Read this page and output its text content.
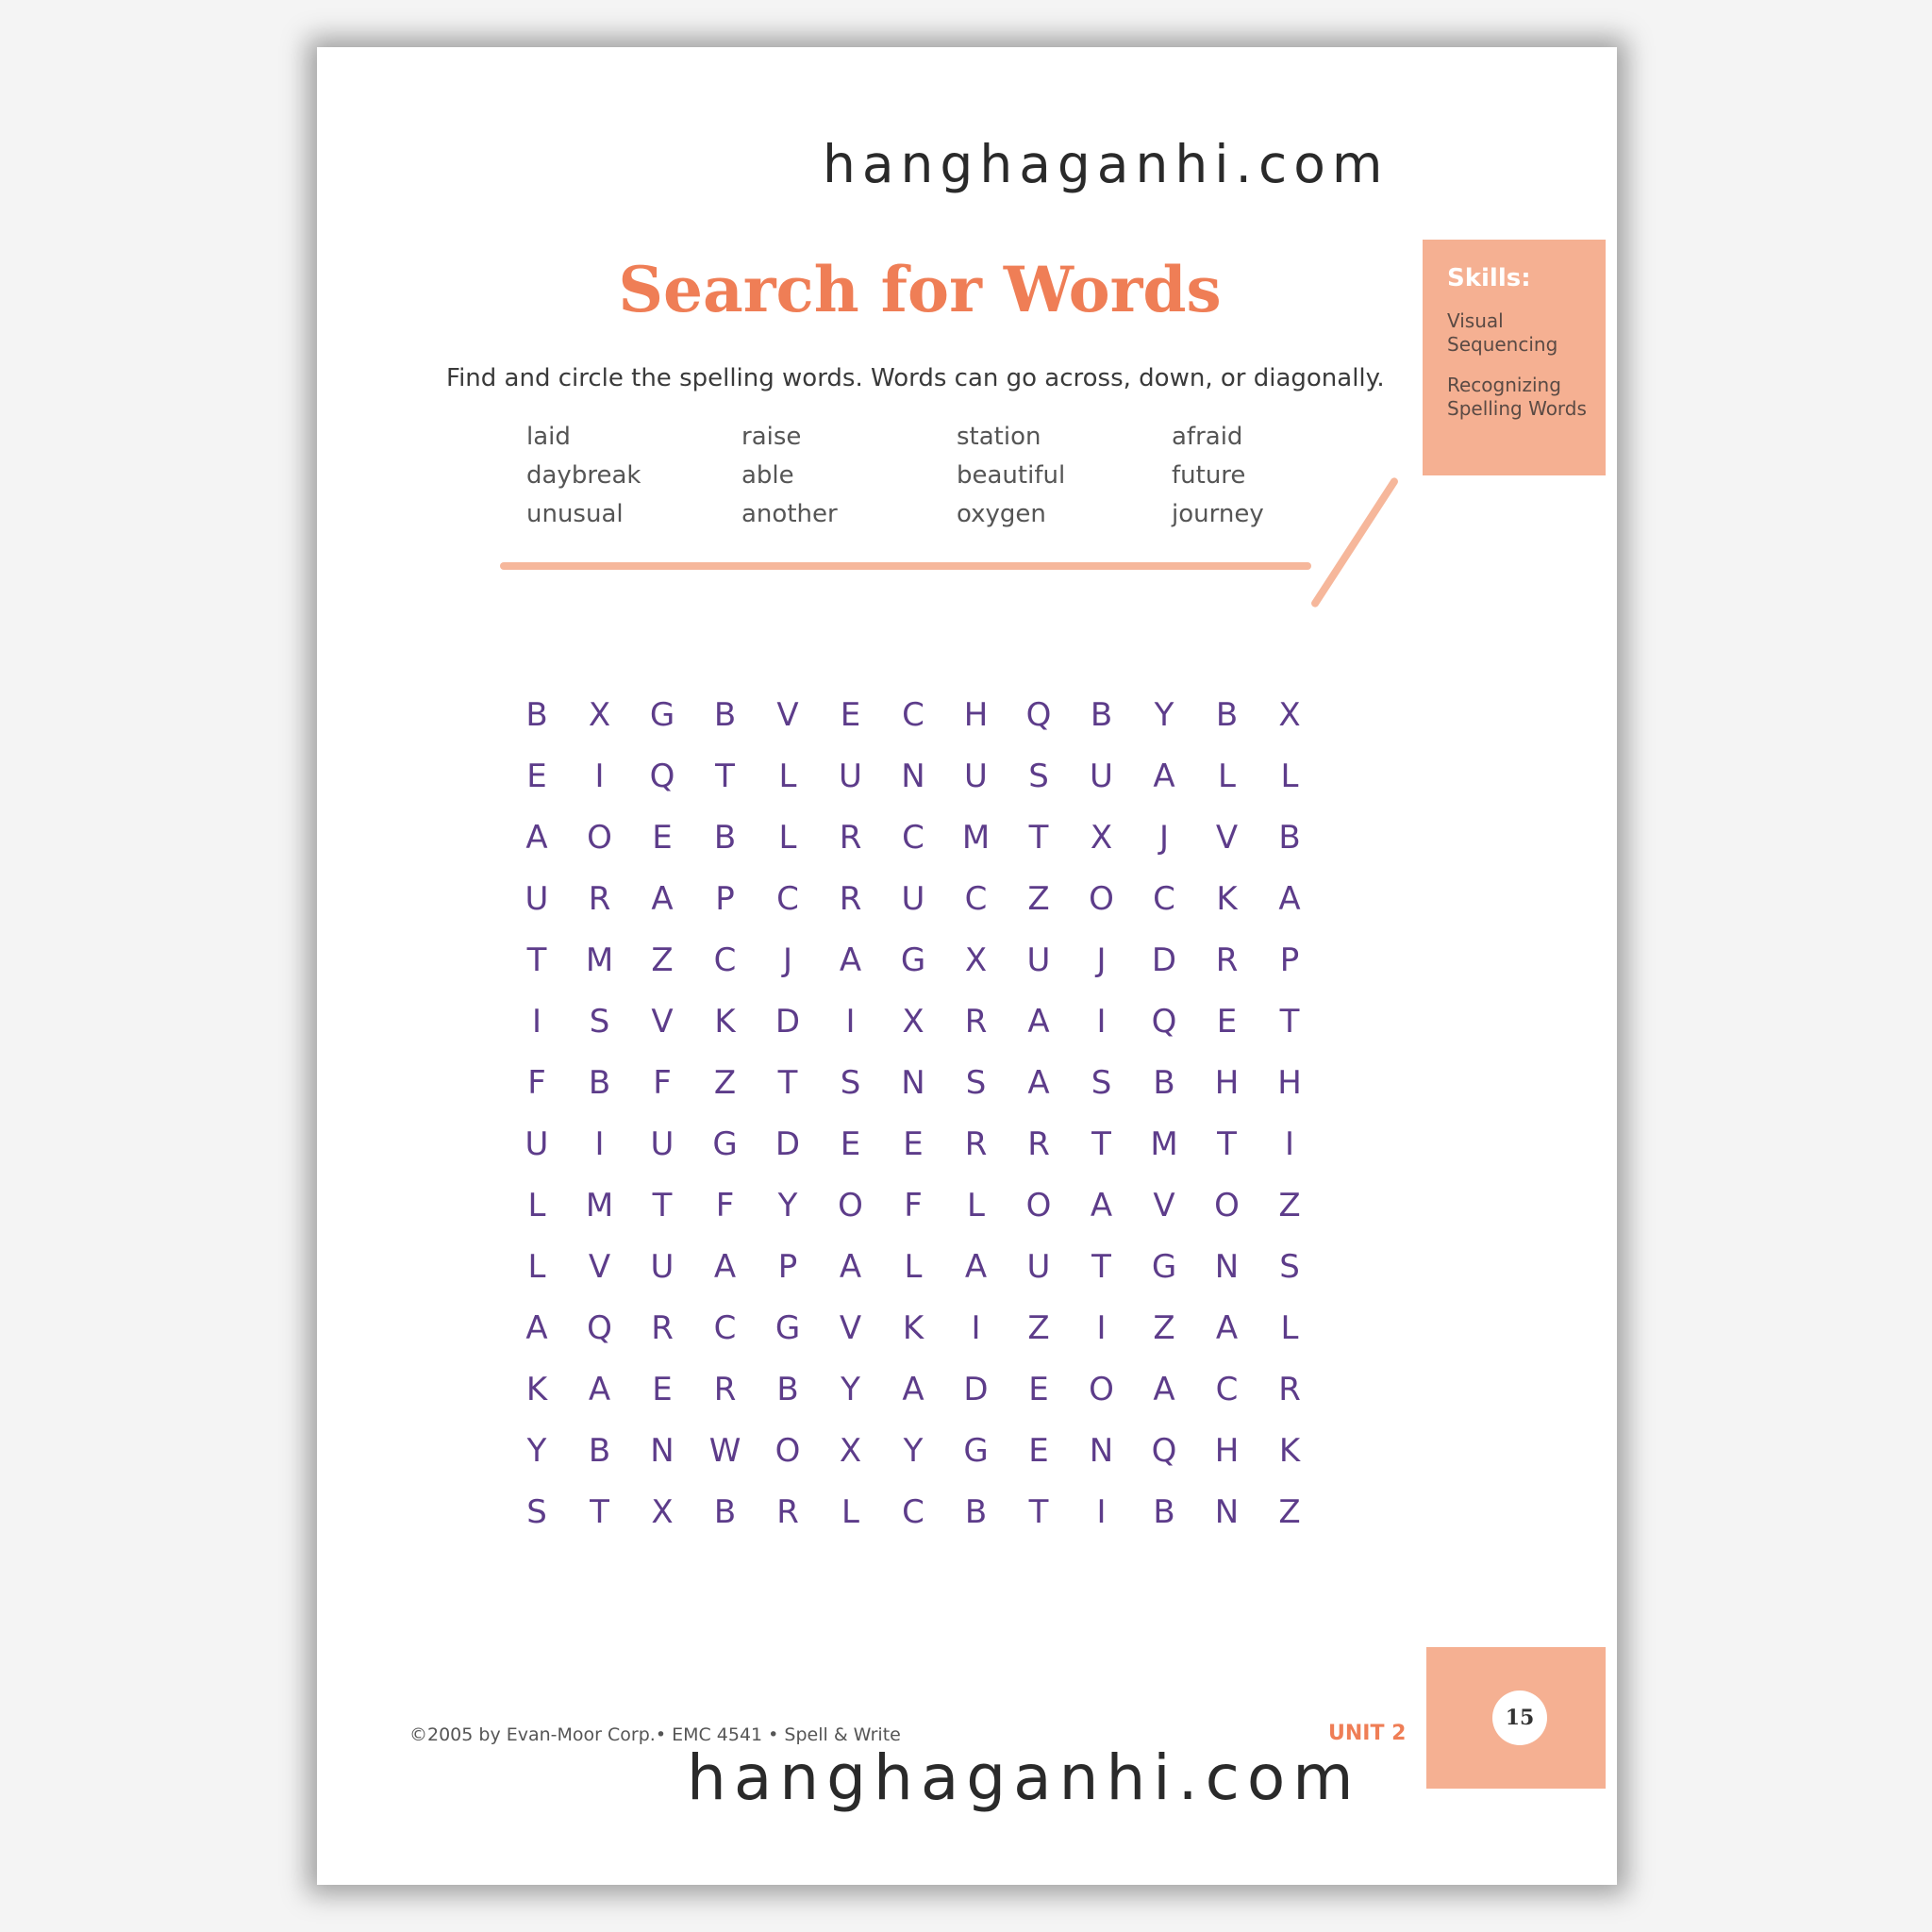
hanghaganhi.com
Search for Words	Skills:
Visual Sequencing
Recognizing Spelling Words
Find and circle the spelling words. Words can go across, down, or diagonally.
laid
daybreak
unusual
raise
able
another
station
beautiful
oxygen
afraid
future
journey
B	X	G	B	V	E	C	H	Q	B	Y	B	X
E	I	Q	T	L	U	N	U	S	U	A	L	L
A	O	E	B	L	R	C	M	T	X	J	V	B
U	R	A	P	C	R	U	C	Z	O	C	K	A
T	M	Z	C	J	A	G	X	U	J	D	R	P
I	S	V	K	D	I	X	R	A	I	Q	E	T
F	B	F	Z	T	S	N	S	A	S	B	H	H
U	I	U	G	D	E	E	R	R	T	M	T	I
L	M	T	F	Y	O	F	L	O	A	V	O	Z
L	V	U	A	P	A	L	A	U	T	G	N	S
A	Q	R	C	G	V	K	I	Z	I	Z	A	L
K	A	E	R	B	Y	A	D	E	O	A	C	R
Y	B	N	W	O	X	Y	G	E	N	Q	H	K
S	T	X	B	R	L	C	B	T	I	B	N	Z
©2005 by Evan-Moor Corp.• EMC 4541 • Spell & Write	UNIT 2
15
hanghaganhi.com
